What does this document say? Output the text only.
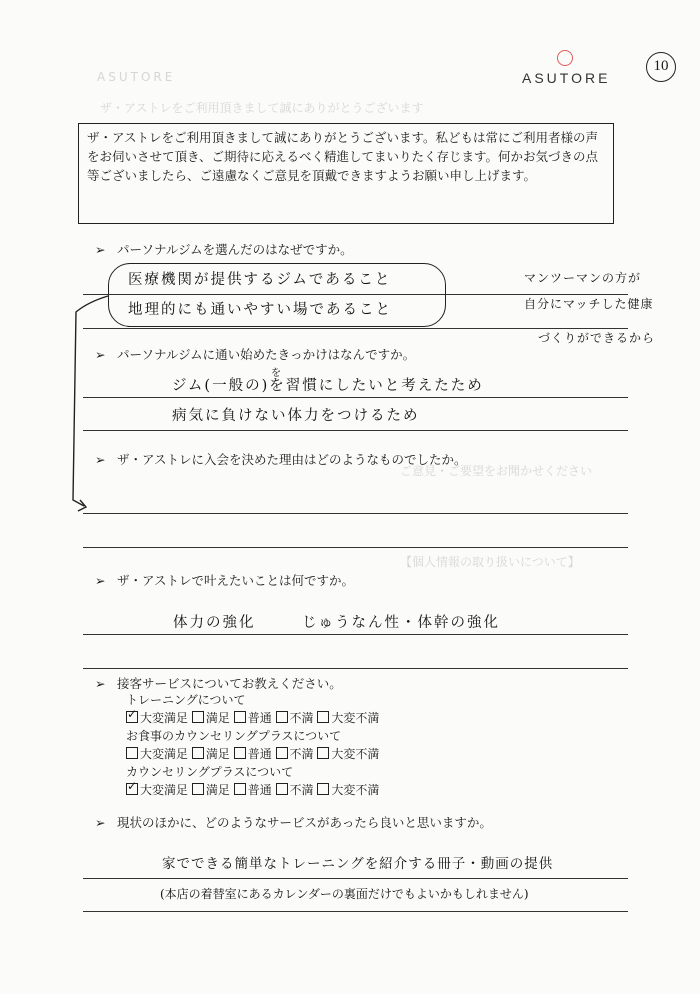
ASUTORE
ザ・アストレをご利用頂きまして誠にありがとうございます
ご意見・ご要望をお聞かせください
【個人情報の取り扱いについて】
ASUTORE
10
ザ・アストレをご利用頂きまして誠にありがとうございます。私どもは常にご利用者様の声をお伺いさせて頂き、ご期待に応えるべく精進してまいりたく存じます。何かお気づきの点等ございましたら、ご遠慮なくご意見を頂戴できますようお願い申し上げます。
➢ パーソナルジムを選んだのはなぜですか。
医療機関が提供するジムであること
地理的にも通いやすい場であること
マンツーマンの方が
自分にマッチした健康
づくりができるから
➢ パーソナルジムに通い始めたきっかけはなんですか。
を
ジム(一般の)を習慣にしたいと考えたため
病気に負けない体力をつけるため
➢ ザ・アストレに入会を決めた理由はどのようなものでしたか。
➢ ザ・アストレで叶えたいことは何ですか。
体力の強化	じゅうなん性・体幹の強化
➢ 接客サービスについてお教えください。
トレーニングについて
✓大変満足 満足 普通 不満 大変不満
お食事のカウンセリングプラスについて
大変満足 満足 普通 不満 大変不満
カウンセリングプラスについて
✓大変満足 満足 普通 不満 大変不満
➢ 現状のほかに、どのようなサービスがあったら良いと思いますか。
家でできる簡単なトレーニングを紹介する冊子・動画の提供
(本店の着替室にあるカレンダーの裏面だけでもよいかもしれません)
